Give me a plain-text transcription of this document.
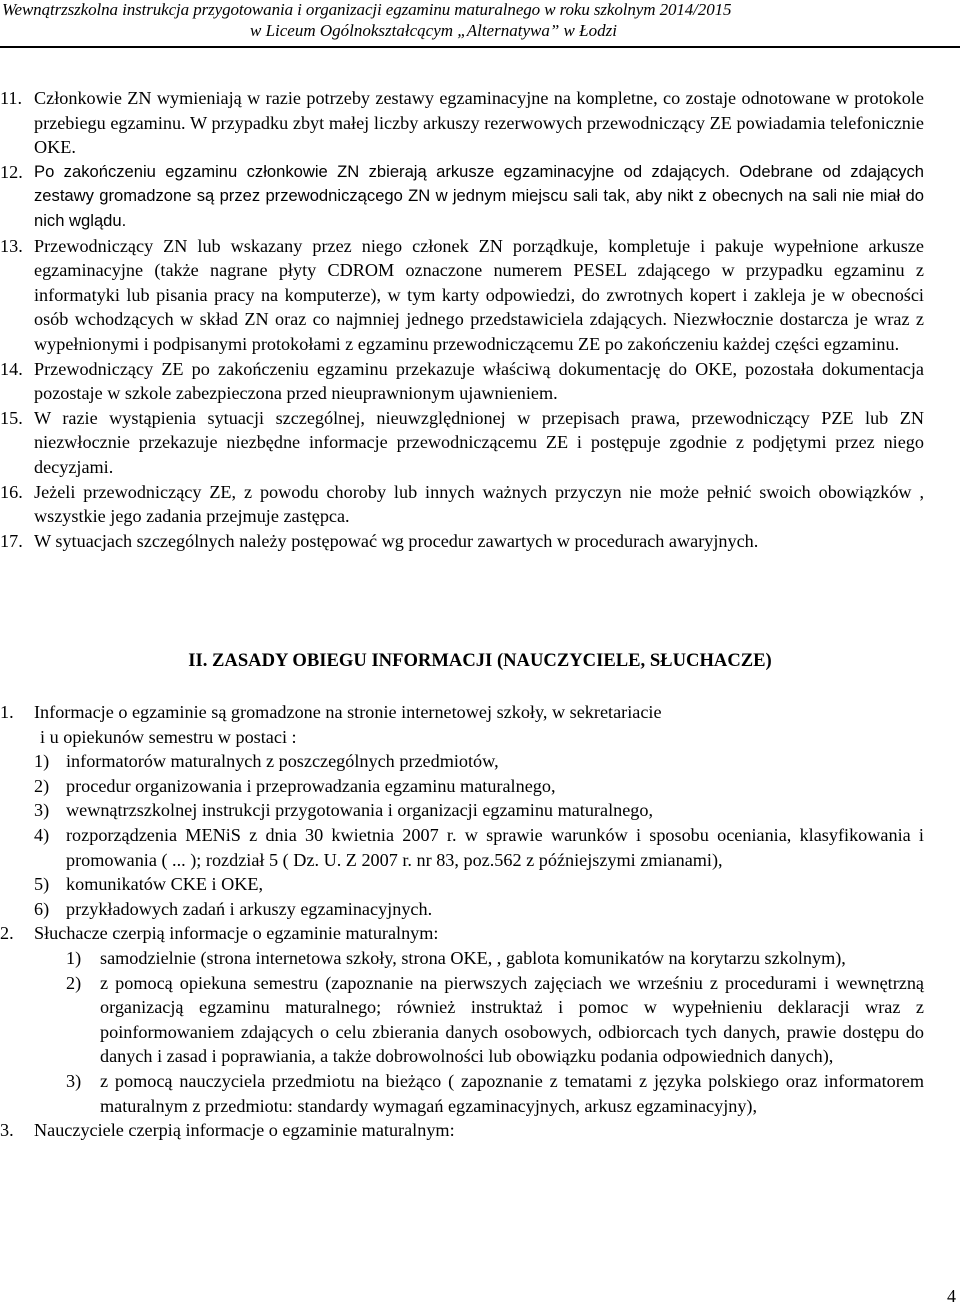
Wewnątrzszkolna instrukcja przygotowania i organizacji egzaminu maturalnego w roku szkolnym 2014/2015
w Liceum Ogólnokształcącym „Alternatywa” w Łodzi
11. Członkowie ZN wymieniają w razie potrzeby zestawy egzaminacyjne na kompletne, co zostaje odnotowane w protokole przebiegu egzaminu. W przypadku zbyt małej liczby arkuszy rezerwowych przewodniczący ZE powiadamia telefonicznie OKE.
12. Po zakończeniu egzaminu członkowie ZN zbierają arkusze egzaminacyjne od zdających. Odebrane od zdających zestawy gromadzone są przez przewodniczącego ZN w jednym miejscu sali tak, aby nikt z obecnych na sali nie miał do nich wglądu.
13. Przewodniczący ZN lub wskazany przez niego członek ZN porządkuje, kompletuje i pakuje wypełnione arkusze egzaminacyjne (także nagrane płyty CDROM oznaczone numerem PESEL zdającego w przypadku egzaminu z informatyki lub pisania pracy na komputerze), w tym karty odpowiedzi, do zwrotnych kopert i zakleja je w obecności osób wchodzących w skład ZN oraz co najmniej jednego przedstawiciela zdających. Niezwłocznie dostarcza je wraz z wypełnionymi i podpisanymi protokołami z egzaminu przewodniczącemu ZE po zakończeniu każdej części egzaminu.
14. Przewodniczący ZE po zakończeniu egzaminu przekazuje właściwą dokumentację do OKE, pozostała dokumentacja pozostaje w szkole zabezpieczona przed nieuprawnionym ujawnieniem.
15. W razie wystąpienia sytuacji szczególnej, nieuwzględnionej w przepisach prawa, przewodniczący PZE lub ZN niezwłocznie przekazuje niezbędne informacje przewodniczącemu ZE i postępuje zgodnie z podjętymi przez niego decyzjami.
16. Jeżeli przewodniczący ZE, z powodu choroby lub innych ważnych przyczyn nie może pełnić swoich obowiązków , wszystkie jego zadania przejmuje zastępca.
17. W sytuacjach szczególnych należy postępować wg procedur zawartych w procedurach awaryjnych.
II. ZASADY OBIEGU INFORMACJI (NAUCZYCIELE, SŁUCHACZE)
1.	Informacje o egzaminie są gromadzone na stronie internetowej szkoły, w sekretariacie
i u opiekunów semestru w postaci :
1) informatorów maturalnych z poszczególnych przedmiotów,
2) procedur organizowania i przeprowadzania egzaminu maturalnego,
3) wewnątrzszkolnej instrukcji przygotowania i organizacji egzaminu maturalnego,
4) rozporządzenia MENiS z dnia 30 kwietnia 2007 r. w sprawie warunków i sposobu oceniania, klasyfikowania i promowania ( ... ); rozdział 5 ( Dz. U. Z 2007 r. nr 83, poz.562 z późniejszymi zmianami),
5) komunikatów CKE i OKE,
6) przykładowych zadań i arkuszy egzaminacyjnych.
2.	Słuchacze czerpią informacje o egzaminie maturalnym:
1)	samodzielnie (strona internetowa szkoły, strona OKE, , gablota komunikatów na korytarzu szkolnym),
2)	z pomocą opiekuna semestru (zapoznanie na pierwszych zajęciach we wrześniu z procedurami i wewnętrzną organizacją egzaminu maturalnego; również instruktaż i pomoc w wypełnieniu deklaracji wraz z poinformowaniem zdających o celu zbierania danych osobowych, odbiorcach tych danych, prawie dostępu do danych i zasad i poprawiania, a także dobrowolności lub obowiązku podania odpowiednich danych),
3)	z pomocą nauczyciela przedmiotu na bieżąco ( zapoznanie z tematami z języka polskiego oraz informatorem maturalnym z przedmiotu: standardy wymagań egzaminacyjnych, arkusz egzaminacyjny),
3.	Nauczyciele czerpią informacje o egzaminie maturalnym:
4
